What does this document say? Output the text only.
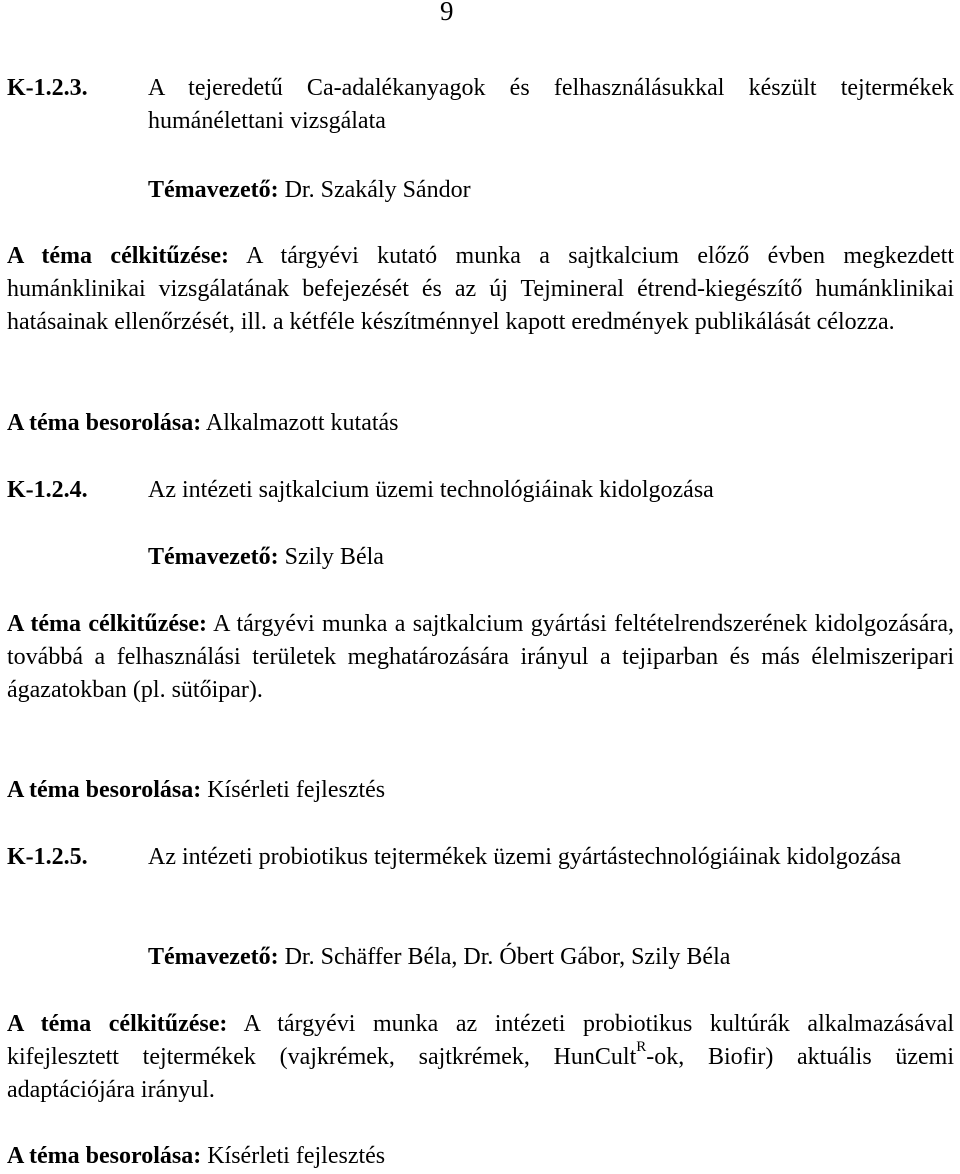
9
K-1.2.3.	A tejeredetű Ca-adalékanyagok és felhasználásukkal készült tejtermékek humánélettani vizsgálata
Témavezető: Dr. Szakály Sándor
A téma célkitűzése: A tárgyévi kutató munka a sajtkalcium előző évben megkezdett humánklinikai vizsgálatának befejezését és az új Tejmineral étrend-kiegészítő humánklinikai hatásainak ellenőrzését, ill. a kétféle készítménnyel kapott eredmények publikálását célozza.
A téma besorolása: Alkalmazott kutatás
K-1.2.4.	Az intézeti sajtkalcium üzemi technológiáinak kidolgozása
Témavezető: Szily Béla
A téma célkitűzése: A tárgyévi munka a sajtkalcium gyártási feltételrendszerének kidolgozására, továbbá a felhasználási területek meghatározására irányul a tejiparban és más élelmiszeripari ágazatokban (pl. sütőipar).
A téma besorolása: Kísérleti fejlesztés
K-1.2.5.	Az intézeti probiotikus tejtermékek üzemi gyártástechnológiáinak kidolgozása
Témavezető: Dr. Schäffer Béla, Dr. Óbert Gábor, Szily Béla
A téma célkitűzése: A tárgyévi munka az intézeti probiotikus kultúrák alkalmazásával kifejlesztett tejtermékek (vajkrémek, sajtkrémek, HunCult$^R$-ok, Biofir) aktuális üzemi adaptációjára irányul.
A téma besorolása: Kísérleti fejlesztés
